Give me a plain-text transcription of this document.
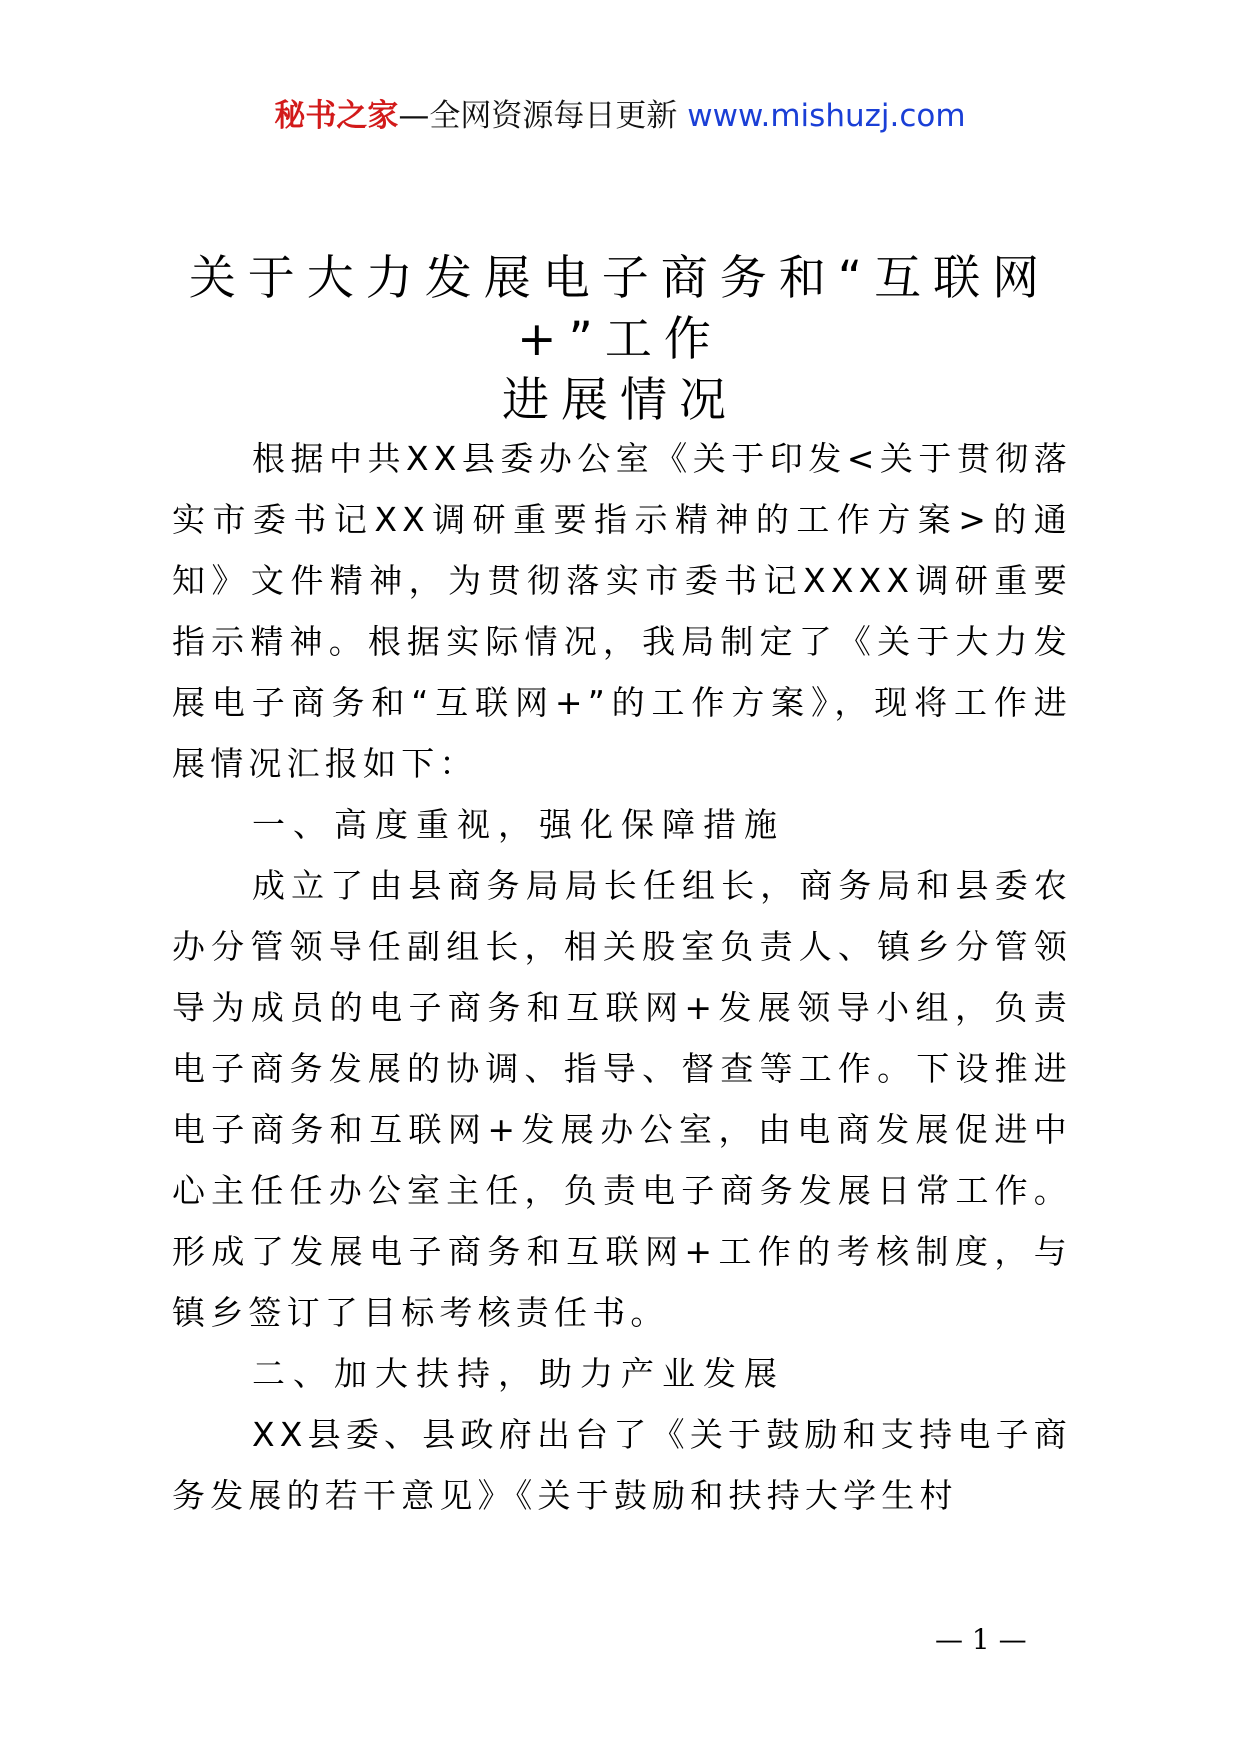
秘书之家—全网资源每日更新 www.mishuzj.com
关于大力发展电子商务和“互联网
+”工作
进展情况

根据中共XX县委办公室《关于印发<关于贯彻落实市委书记XX调研重要指示精神的工作方案>的通知》文件精神，为贯彻落实市委书记XXXX调研重要指示精神。根据实际情况，我局制定了《关于大力发展电子商务和“互联网+”的工作方案》，现将工作进展情况汇报如下：

一、高度重视，强化保障措施

成立了由县商务局局长任组长，商务局和县委农办分管领导任副组长，相关股室负责人、镇乡分管领导为成员的电子商务和互联网+发展领导小组，负责电子商务发展的协调、指导、督查等工作。下设推进电子商务和互联网+发展办公室，由电商发展促进中心主任任办公室主任，负责电子商务发展日常工作。形成了发展电子商务和互联网+工作的考核制度，与镇乡签订了目标考核责任书。

二、加大扶持，助力产业发展

XX县委、县政府出台了《关于鼓励和支持电子商务发展的若干意见》《关于鼓励和扶持大学生村

— 1 —
